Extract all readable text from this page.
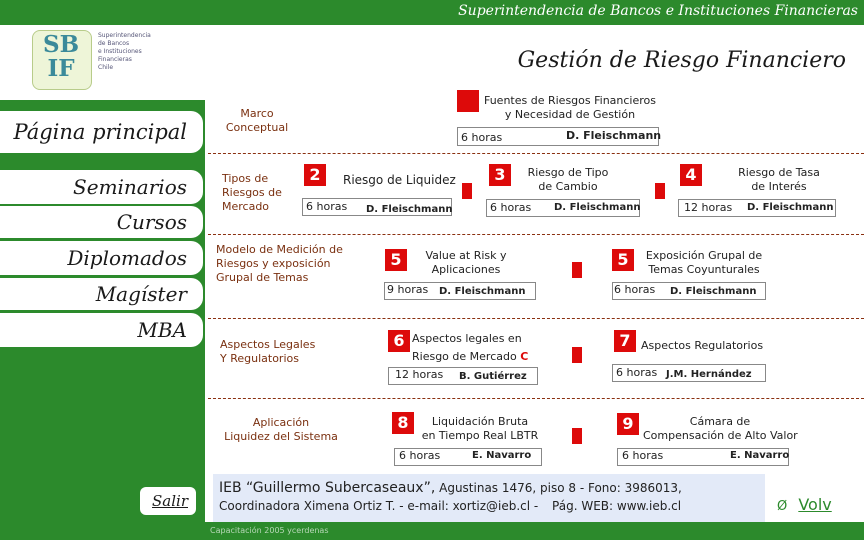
Superintendencia de Bancos e Instituciones Financieras
SB
IF
Superintendencia
de Bancos
e Instituciones
Financieras
Chile
Página principal
Seminarios
Cursos
Diplomados
Magíster
MBA
Salir
Gestión de Riesgo Financiero
Marco
Conceptual
Tipos de
Riesgos de
Mercado
Modelo de Medición de
Riesgos y exposición
Grupal de Temas
Aspectos Legales
Y Regulatorios
Aplicación
Liquidez del Sistema
Fuentes de Riesgos Financieros
y Necesidad de Gestión
6 horas	D. Fleischmann
2	Riesgo de Liquidez
6 horas D. Fleischmann
3	Riesgo de Tipo
de Cambio
6 horas D. Fleischmann
4	Riesgo de Tasa
de Interés
12 horas D. Fleischmann
5	Value at Risk y
Aplicaciones
9 horas D. Fleischmann
5	Exposición Grupal de
Temas Coyunturales
6 horas D. Fleischmann
6 Aspectos legales en
Riesgo de Mercado C
12 horas B. Gutiérrez
7 Aspectos Regulatorios
6 horas J.M. Hernández
8	Liquidación Bruta
en Tiempo Real LBTR
6 horas	E. Navarro
9	Cámara de
Compensación de Alto Valor
6 horas	E. Navarro
IEB “Guillermo Subercaseaux”, Agustinas 1476, piso 8 - Fono: 3986013,
Coordinadora Ximena Ortiz T. - e-mail: xortiz@ieb.cl - Pág. WEB: www.ieb.cl	Ø Volv
Capacitación 2005 ycerdenas
